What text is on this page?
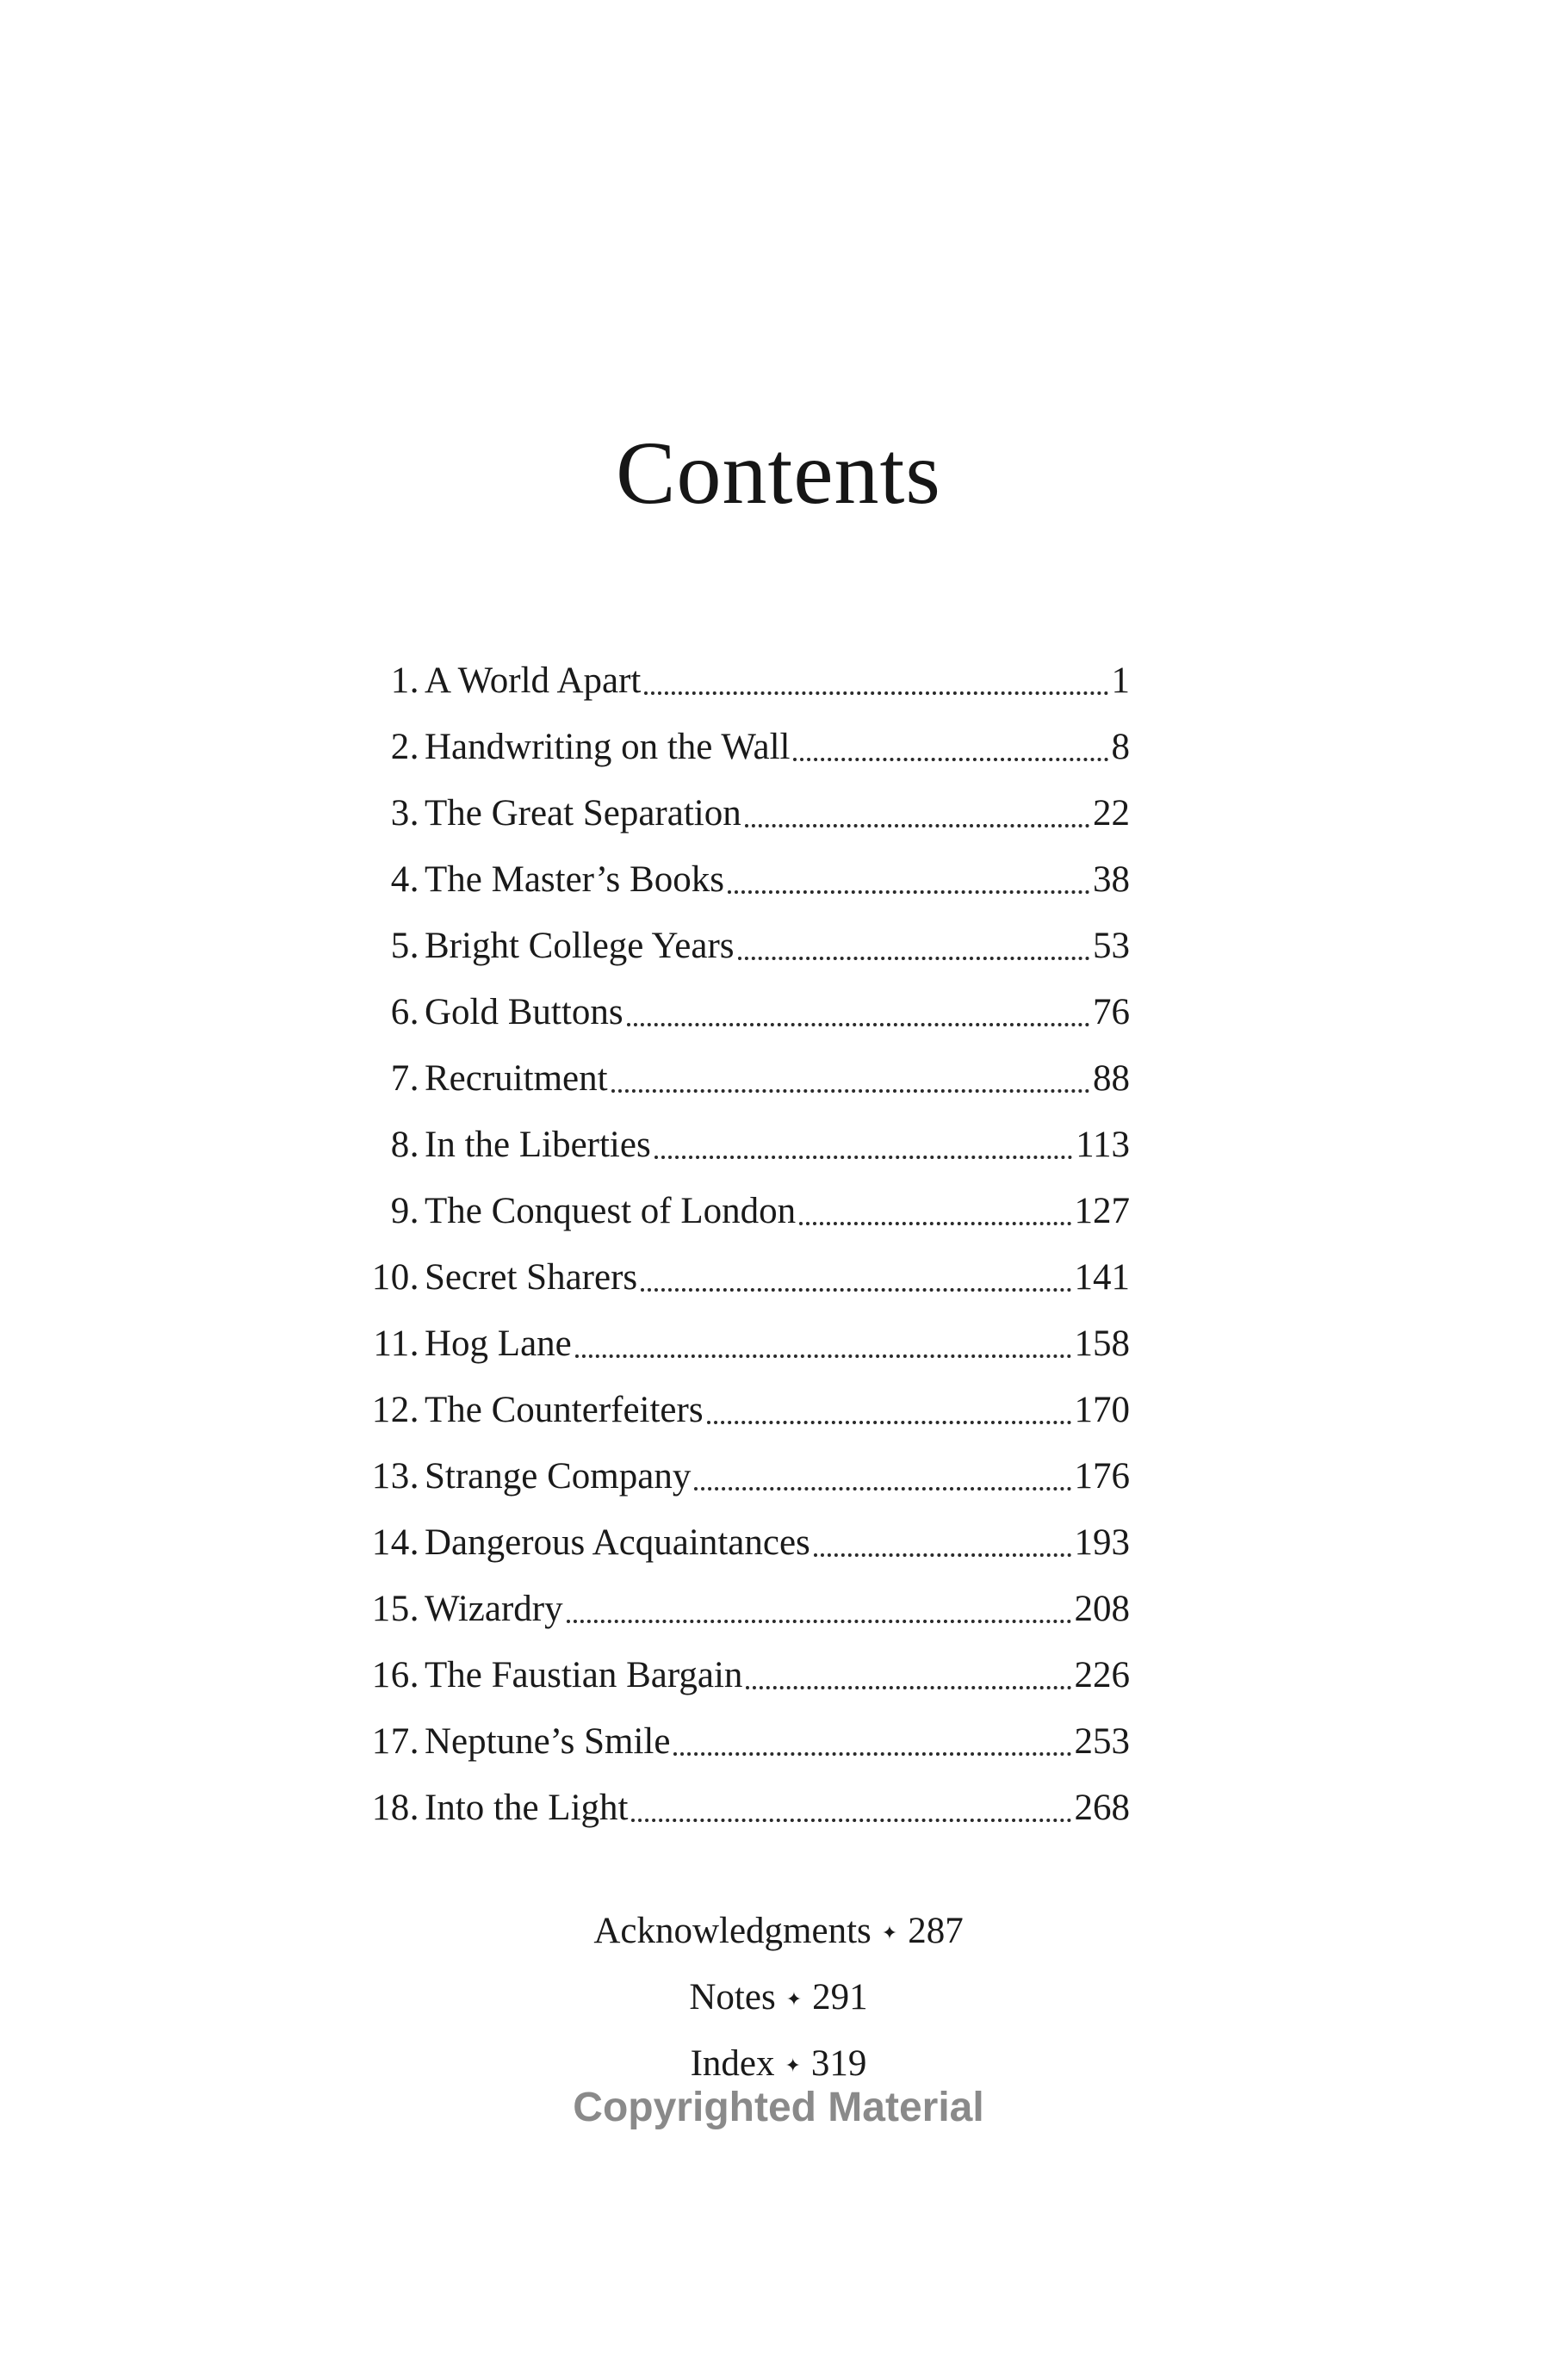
Contents
1. A World Apart	1
2. Handwriting on the Wall	8
3. The Great Separation	22
4. The Master’s Books	38
5. Bright College Years	53
6. Gold Buttons	76
7. Recruitment	88
8. In the Liberties	113
9. The Conquest of London	127
10. Secret Sharers	141
11. Hog Lane	158
12. The Counterfeiters	170
13. Strange Company	176
14. Dangerous Acquaintances	193
15. Wizardry	208
16. The Faustian Bargain	226
17. Neptune’s Smile	253
18. Into the Light	268
Acknowledgments ✦ 287
Notes ✦ 291
Index ✦ 319
Copyrighted Material
